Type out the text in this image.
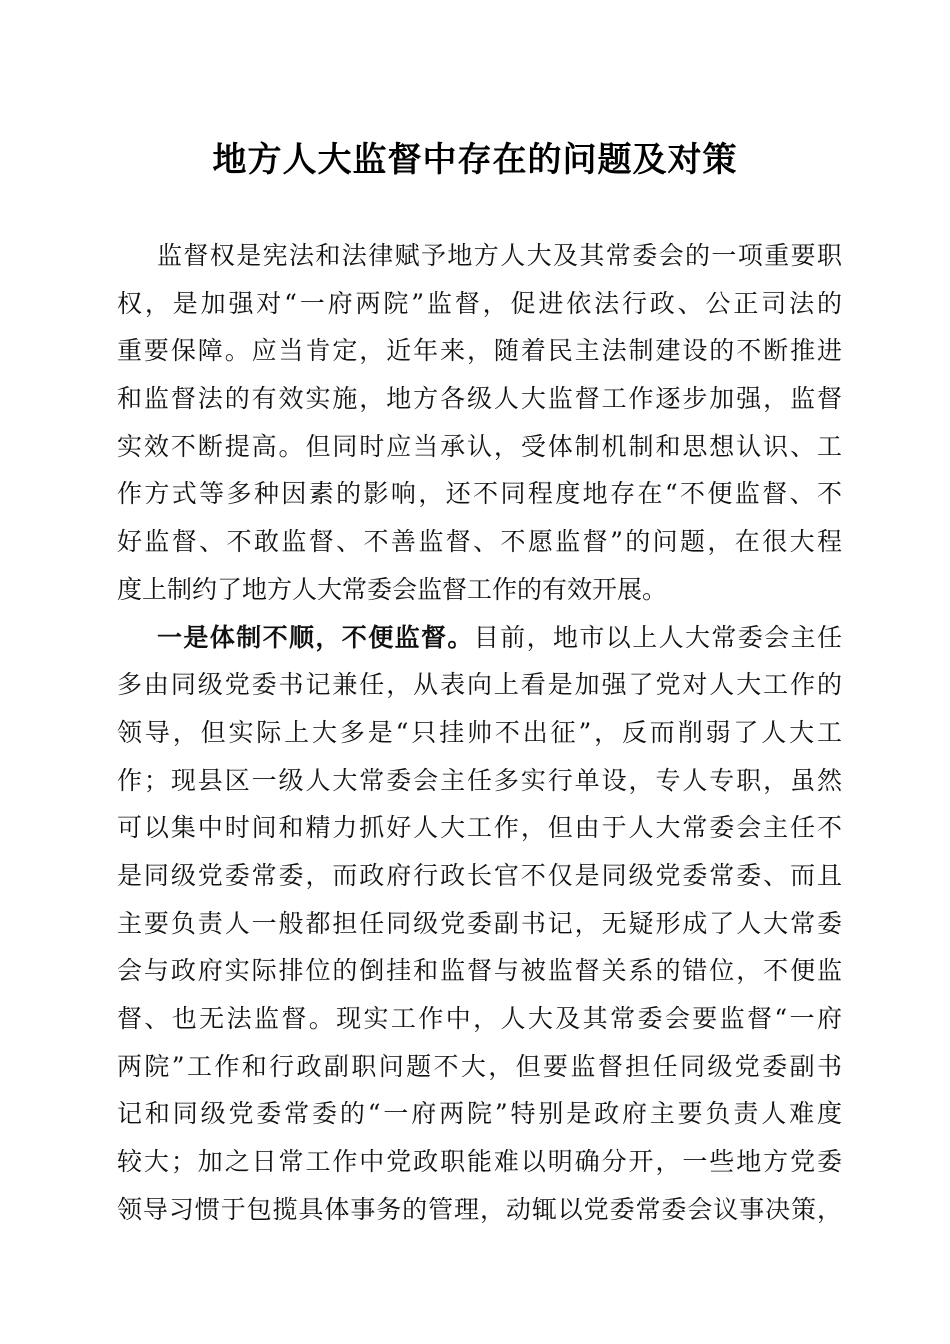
地方人大监督中存在的问题及对策
监督权是宪法和法律赋予地方人大及其常委会的一项重要职
权，是加强对“一府两院”监督，促进依法行政、公正司法的
重要保障。应当肯定，近年来，随着民主法制建设的不断推进
和监督法的有效实施，地方各级人大监督工作逐步加强，监督
实效不断提高。但同时应当承认，受体制机制和思想认识、工
作方式等多种因素的影响，还不同程度地存在“不便监督、不
好监督、不敢监督、不善监督、不愿监督”的问题，在很大程
度上制约了地方人大常委会监督工作的有效开展。
一是体制不顺，不便监督。目前，地市以上人大常委会主任
多由同级党委书记兼任，从表向上看是加强了党对人大工作的
领导，但实际上大多是“只挂帅不出征”，反而削弱了人大工
作；现县区一级人大常委会主任多实行单设，专人专职，虽然
可以集中时间和精力抓好人大工作，但由于人大常委会主任不
是同级党委常委，而政府行政长官不仅是同级党委常委、而且
主要负责人一般都担任同级党委副书记，无疑形成了人大常委
会与政府实际排位的倒挂和监督与被监督关系的错位，不便监
督、也无法监督。现实工作中，人大及其常委会要监督“一府
两院”工作和行政副职问题不大，但要监督担任同级党委副书
记和同级党委常委的“一府两院”特别是政府主要负责人难度
较大；加之日常工作中党政职能难以明确分开，一些地方党委
领导习惯于包揽具体事务的管理，动辄以党委常委会议事决策，
